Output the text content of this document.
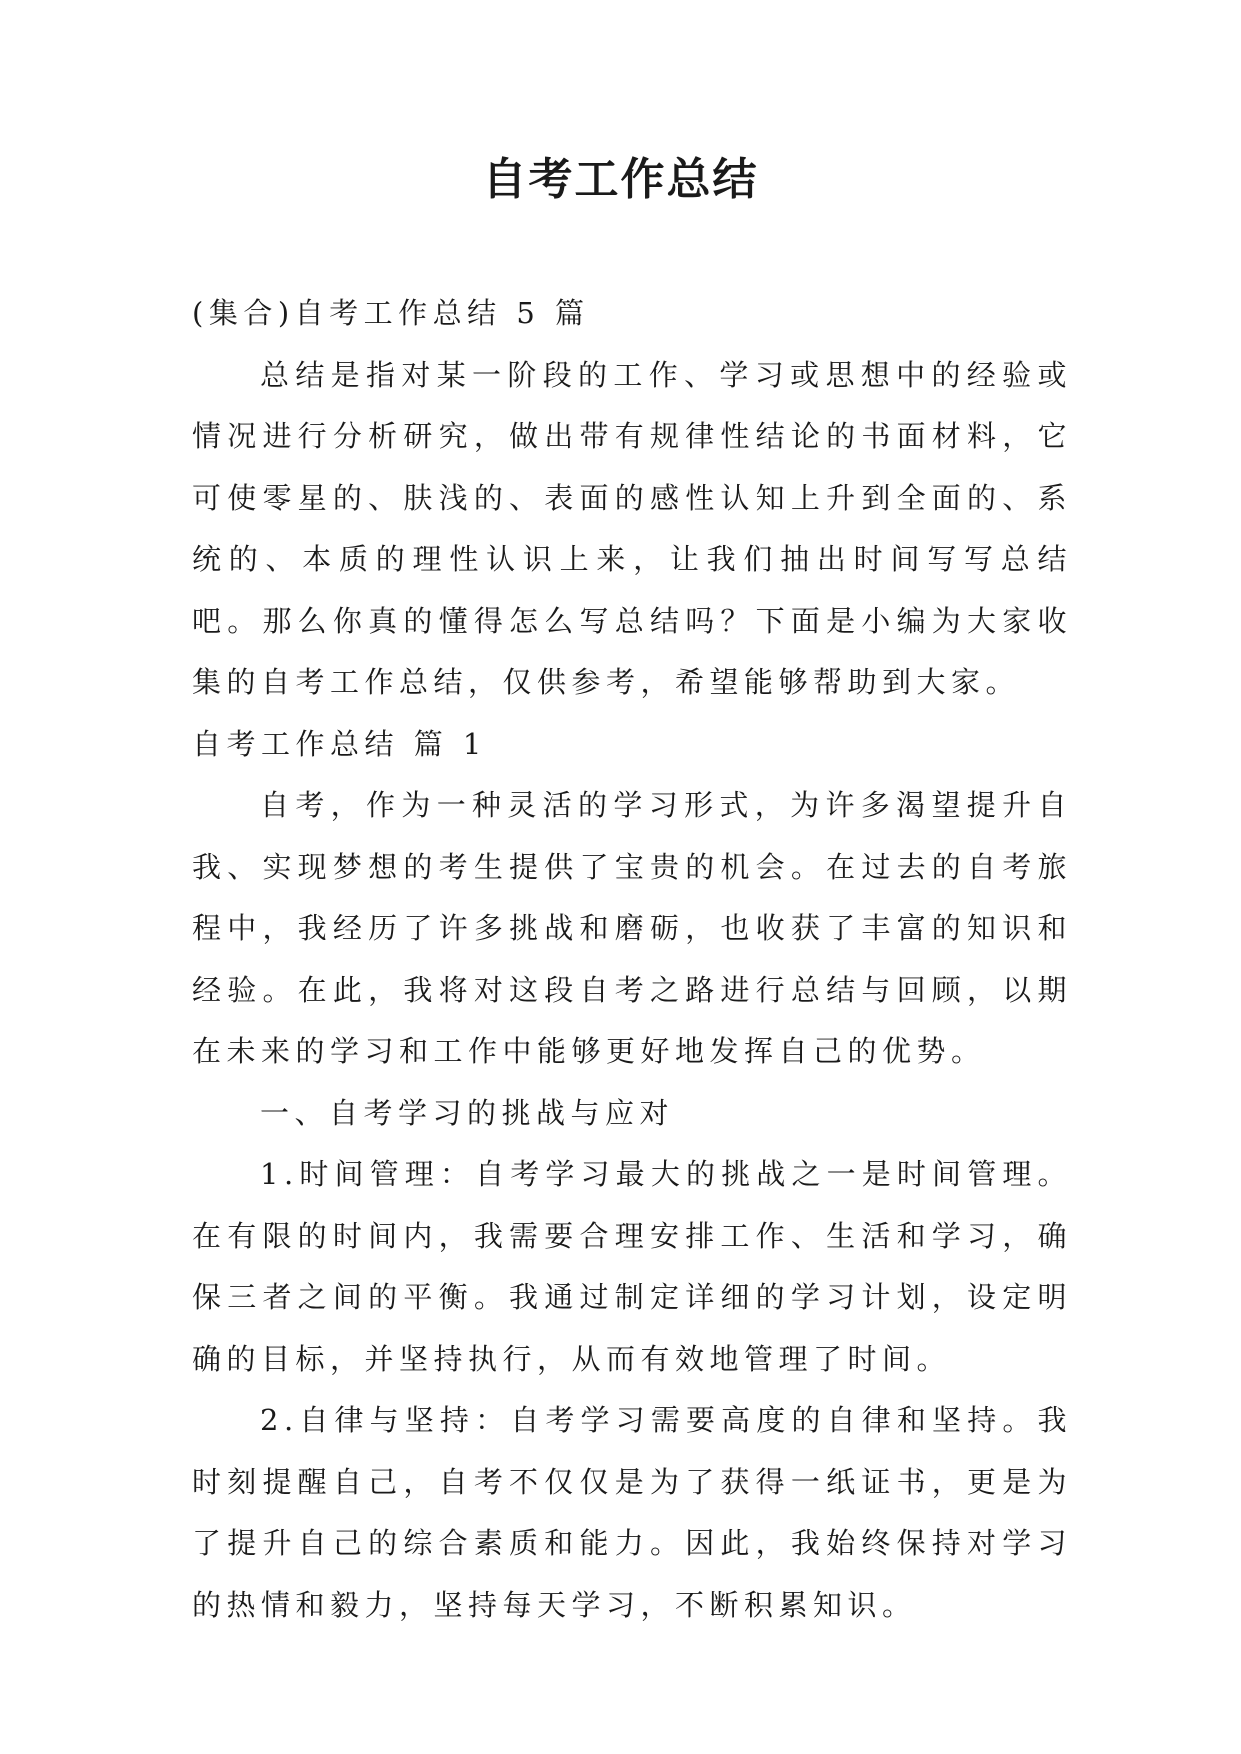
自考工作总结

(集合)自考工作总结 5 篇

总结是指对某一阶段的工作、学习或思想中的经验或情况进行分析研究，做出带有规律性结论的书面材料，它可使零星的、肤浅的、表面的感性认知上升到全面的、系统的、本质的理性认识上来，让我们抽出时间写写总结吧。那么你真的懂得怎么写总结吗？下面是小编为大家收集的自考工作总结，仅供参考，希望能够帮助到大家。

自考工作总结 篇 1

自考，作为一种灵活的学习形式，为许多渴望提升自我、实现梦想的考生提供了宝贵的机会。在过去的自考旅程中，我经历了许多挑战和磨砺，也收获了丰富的知识和经验。在此，我将对这段自考之路进行总结与回顾，以期在未来的学习和工作中能够更好地发挥自己的优势。

一、自考学习的挑战与应对

1.时间管理：自考学习最大的挑战之一是时间管理。在有限的时间内，我需要合理安排工作、生活和学习，确保三者之间的平衡。我通过制定详细的学习计划，设定明确的目标，并坚持执行，从而有效地管理了时间。

2.自律与坚持：自考学习需要高度的自律和坚持。我时刻提醒自己，自考不仅仅是为了获得一纸证书，更是为了提升自己的综合素质和能力。因此，我始终保持对学习的热情和毅力，坚持每天学习，不断积累知识。
